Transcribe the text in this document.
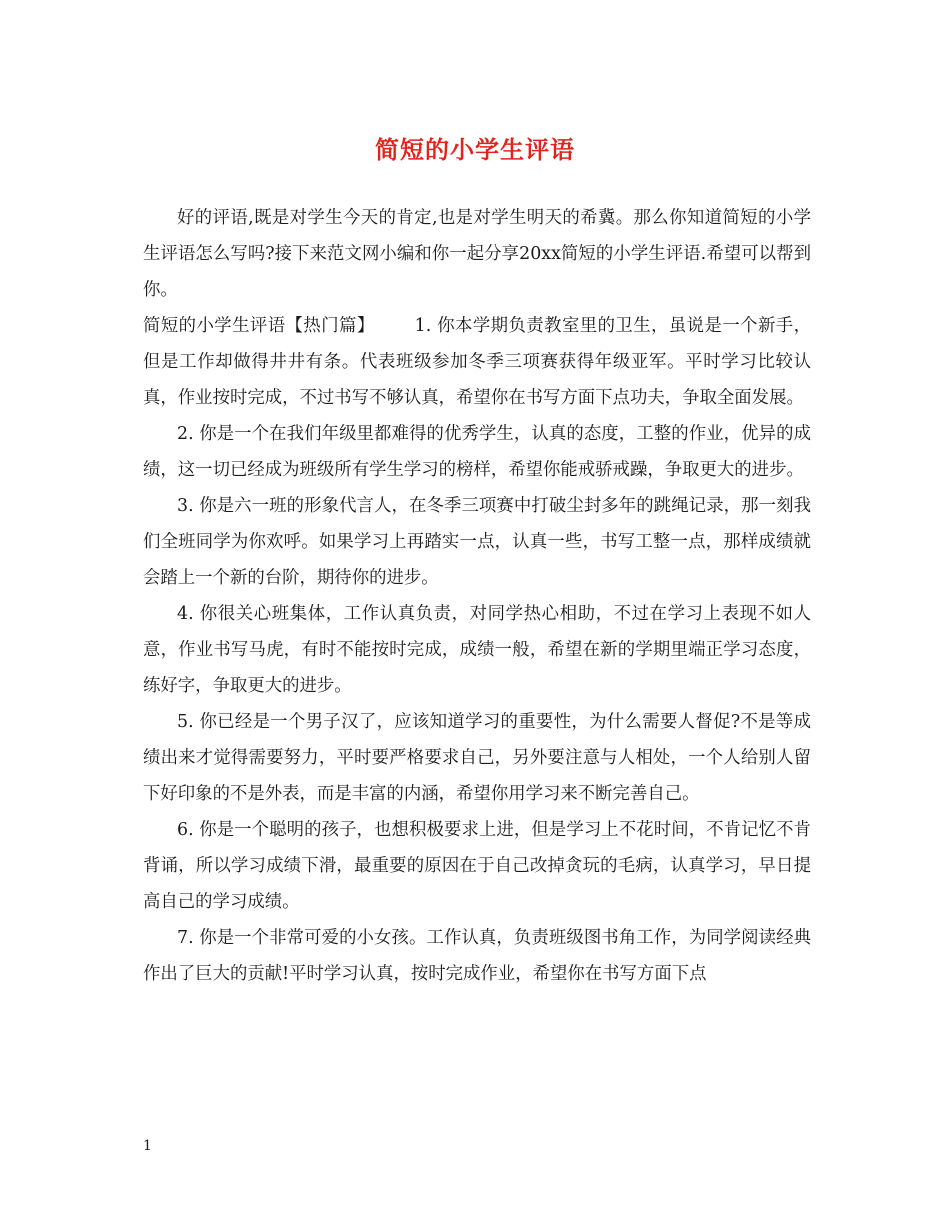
简短的小学生评语

好的评语,既是对学生今天的肯定,也是对学生明天的希冀。那么你知道简短的小学生评语怎么写吗?接下来范文网小编和你一起分享20xx简短的小学生评语.希望可以帮到你。

简短的小学生评语【热门篇】 1. 你本学期负责教室里的卫生，虽说是一个新手，但是工作却做得井井有条。代表班级参加冬季三项赛获得年级亚军。平时学习比较认真，作业按时完成，不过书写不够认真，希望你在书写方面下点功夫，争取全面发展。

2. 你是一个在我们年级里都难得的优秀学生，认真的态度，工整的作业，优异的成绩，这一切已经成为班级所有学生学习的榜样，希望你能戒骄戒躁，争取更大的进步。

3. 你是六一班的形象代言人，在冬季三项赛中打破尘封多年的跳绳记录，那一刻我们全班同学为你欢呼。如果学习上再踏实一点，认真一些，书写工整一点，那样成绩就会踏上一个新的台阶，期待你的进步。

4. 你很关心班集体，工作认真负责，对同学热心相助，不过在学习上表现不如人意，作业书写马虎，有时不能按时完成，成绩一般，希望在新的学期里端正学习态度，练好字，争取更大的进步。

5. 你已经是一个男子汉了，应该知道学习的重要性，为什么需要人督促?不是等成绩出来才觉得需要努力，平时要严格要求自己，另外要注意与人相处，一个人给别人留下好印象的不是外表，而是丰富的内涵，希望你用学习来不断完善自己。

6. 你是一个聪明的孩子，也想积极要求上进，但是学习上不花时间，不肯记忆不肯背诵，所以学习成绩下滑，最重要的原因在于自己改掉贪玩的毛病，认真学习，早日提高自己的学习成绩。

7. 你是一个非常可爱的小女孩。工作认真，负责班级图书角工作，为同学阅读经典作出了巨大的贡献!平时学习认真，按时完成作业，希望你在书写方面下点

1
